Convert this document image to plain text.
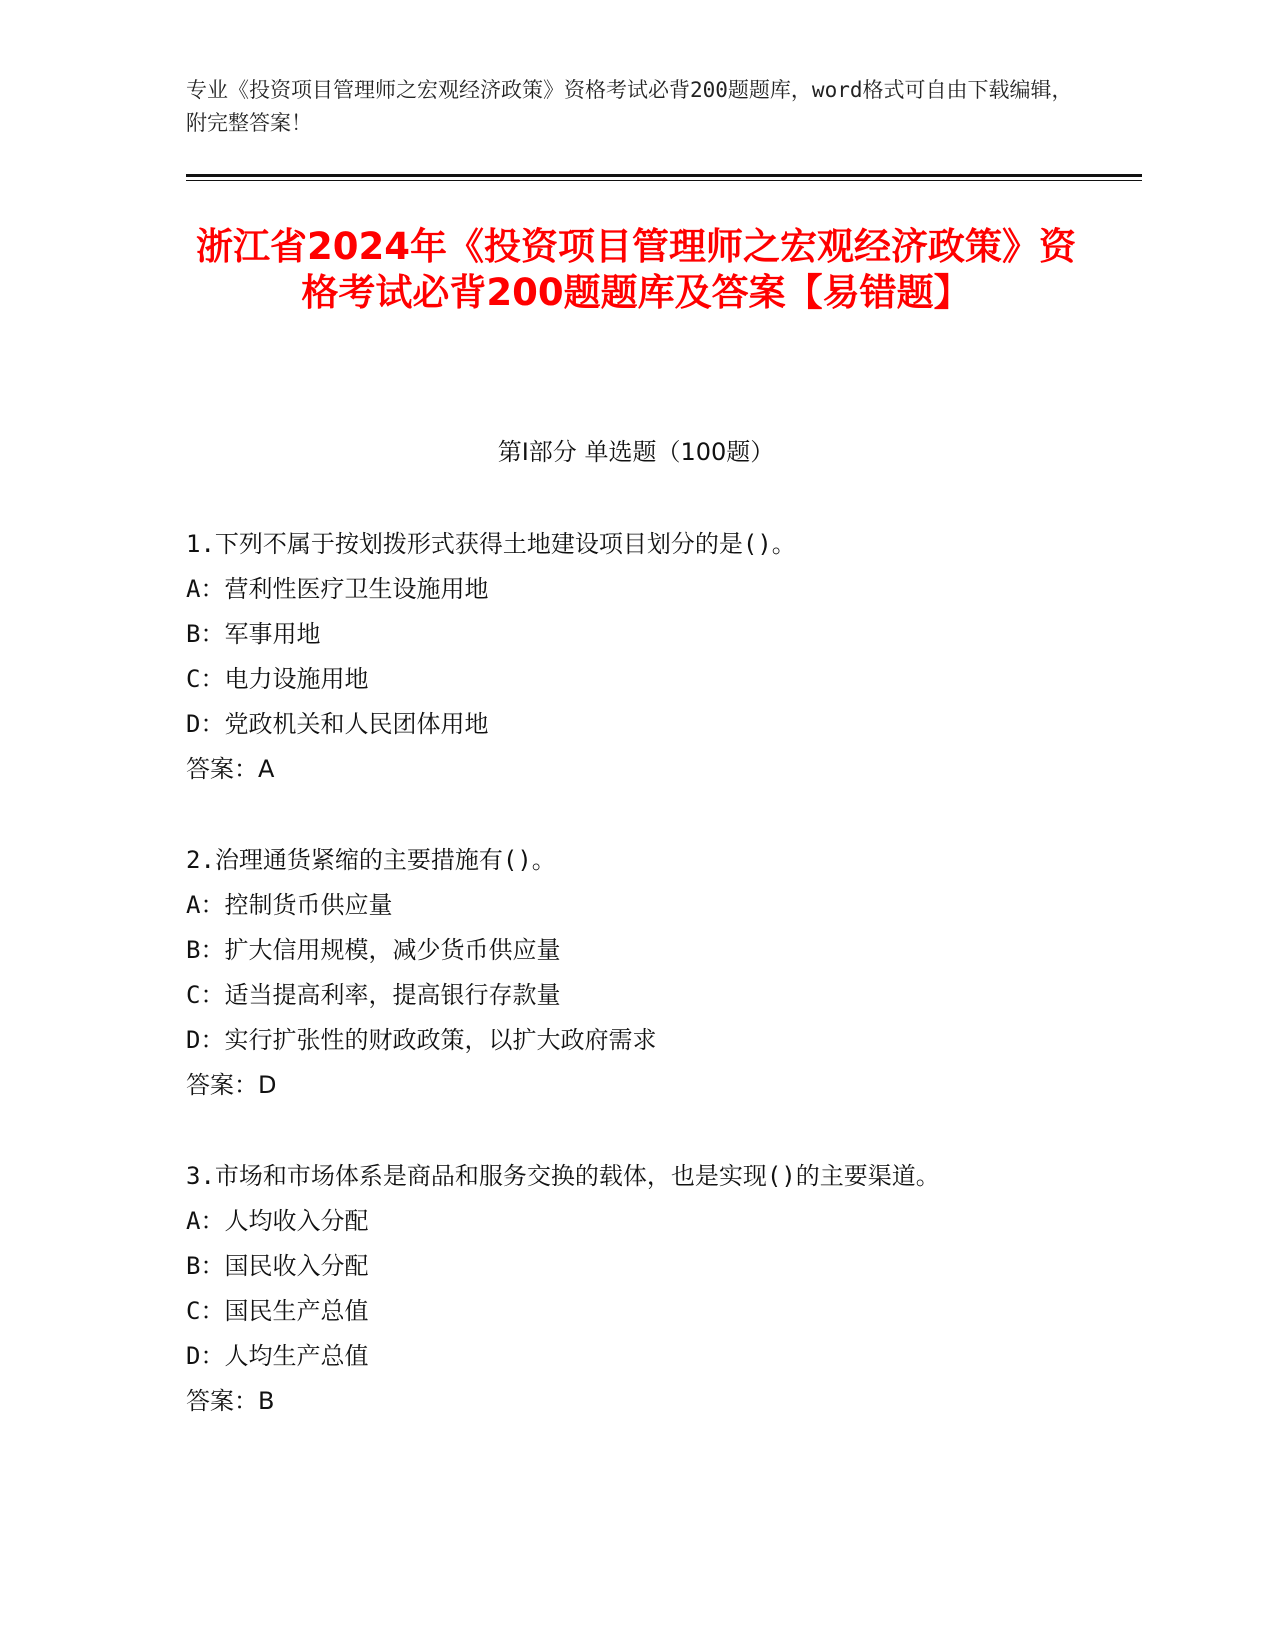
专业《投资项目管理师之宏观经济政策》资格考试必背200题题库，word格式可自由下载编辑，附完整答案！
浙江省2024年《投资项目管理师之宏观经济政策》资格考试必背200题题库及答案【易错题】
第I部分 单选题（100题）
1.下列不属于按划拨形式获得土地建设项目划分的是()。
A：营利性医疗卫生设施用地
B：军事用地
C：电力设施用地
D：党政机关和人民团体用地
答案：A
2.治理通货紧缩的主要措施有()。
A：控制货币供应量
B：扩大信用规模，减少货币供应量
C：适当提高利率，提高银行存款量
D：实行扩张性的财政政策，以扩大政府需求
答案：D
3.市场和市场体系是商品和服务交换的载体，也是实现()的主要渠道。
A：人均收入分配
B：国民收入分配
C：国民生产总值
D：人均生产总值
答案：B
